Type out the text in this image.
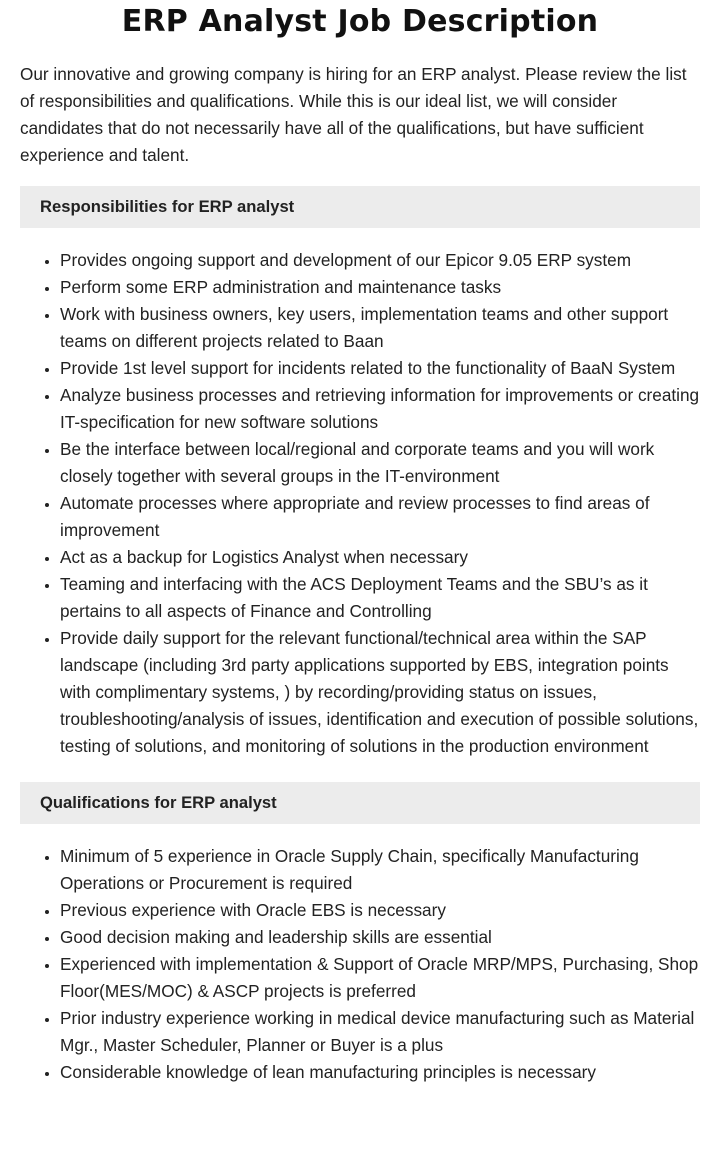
ERP Analyst Job Description

Our innovative and growing company is hiring for an ERP analyst. Please review the list of responsibilities and qualifications. While this is our ideal list, we will consider candidates that do not necessarily have all of the qualifications, but have sufficient experience and talent.

Responsibilities for ERP analyst
• Provides ongoing support and development of our Epicor 9.05 ERP system
• Perform some ERP administration and maintenance tasks
• Work with business owners, key users, implementation teams and other support teams on different projects related to Baan
• Provide 1st level support for incidents related to the functionality of BaaN System
• Analyze business processes and retrieving information for improvements or creating IT-specification for new software solutions
• Be the interface between local/regional and corporate teams and you will work closely together with several groups in the IT-environment
• Automate processes where appropriate and review processes to find areas of improvement
• Act as a backup for Logistics Analyst when necessary
• Teaming and interfacing with the ACS Deployment Teams and the SBU’s as it pertains to all aspects of Finance and Controlling
• Provide daily support for the relevant functional/technical area within the SAP landscape (including 3rd party applications supported by EBS, integration points with complimentary systems, ) by recording/providing status on issues, troubleshooting/analysis of issues, identification and execution of possible solutions, testing of solutions, and monitoring of solutions in the production environment
Qualifications for ERP analyst
• Minimum of 5 experience in Oracle Supply Chain, specifically Manufacturing Operations or Procurement is required
• Previous experience with Oracle EBS is necessary
• Good decision making and leadership skills are essential
• Experienced with implementation & Support of Oracle MRP/MPS, Purchasing, Shop Floor(MES/MOC) & ASCP projects is preferred
• Prior industry experience working in medical device manufacturing such as Material Mgr., Master Scheduler, Planner or Buyer is a plus
• Considerable knowledge of lean manufacturing principles is necessary
